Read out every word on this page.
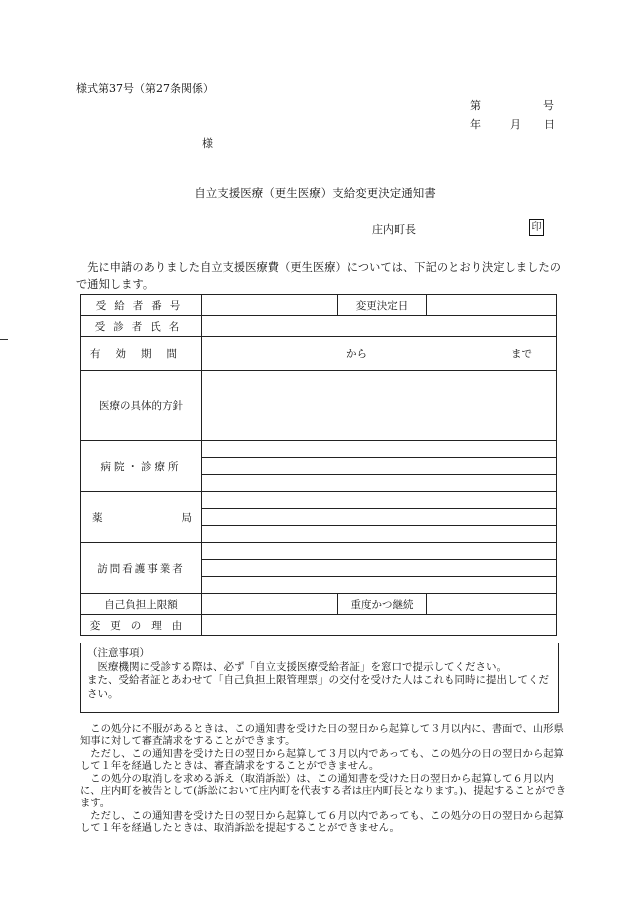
様式第37号（第27条関係）
第	号
年	月 日
様
自立支援医療（更生医療）支給変更決定通知書
庄内町長	印
先に申請のありました自立支援医療費（更生医療）については、下記のとおり決定しましたので通知します。
受給者番号		変更決定日	

受診者氏名			

有効期間	から まで		

医療の具体的方針			

病院・診療所			

薬 局			

訪問看護事業者			

自己負担上限額		重度かつ継続	

変更の理由			

（注意事項）

医療機関に受診する際は、必ず「自立支援医療受給者証」を窓口で提示してください。

また、受給者証とあわせて「自己負担上限管理票」の交付を受けた人はこれも同時に提出してください。

この処分に不服があるときは、この通知書を受けた日の翌日から起算して３月以内に、書面で、山形県知事に対して審査請求をすることができます。

ただし、この通知書を受けた日の翌日から起算して３月以内であっても、この処分の日の翌日から起算して１年を経過したときは、審査請求をすることができません。

この処分の取消しを求める訴え（取消訴訟）は、この通知書を受けた日の翌日から起算して６月以内に、庄内町を被告として(訴訟において庄内町を代表する者は庄内町長となります。)、提起することができます。

ただし、この通知書を受けた日の翌日から起算して６月以内であっても、この処分の日の翌日から起算して１年を経過したときは、取消訴訟を提起することができません。
